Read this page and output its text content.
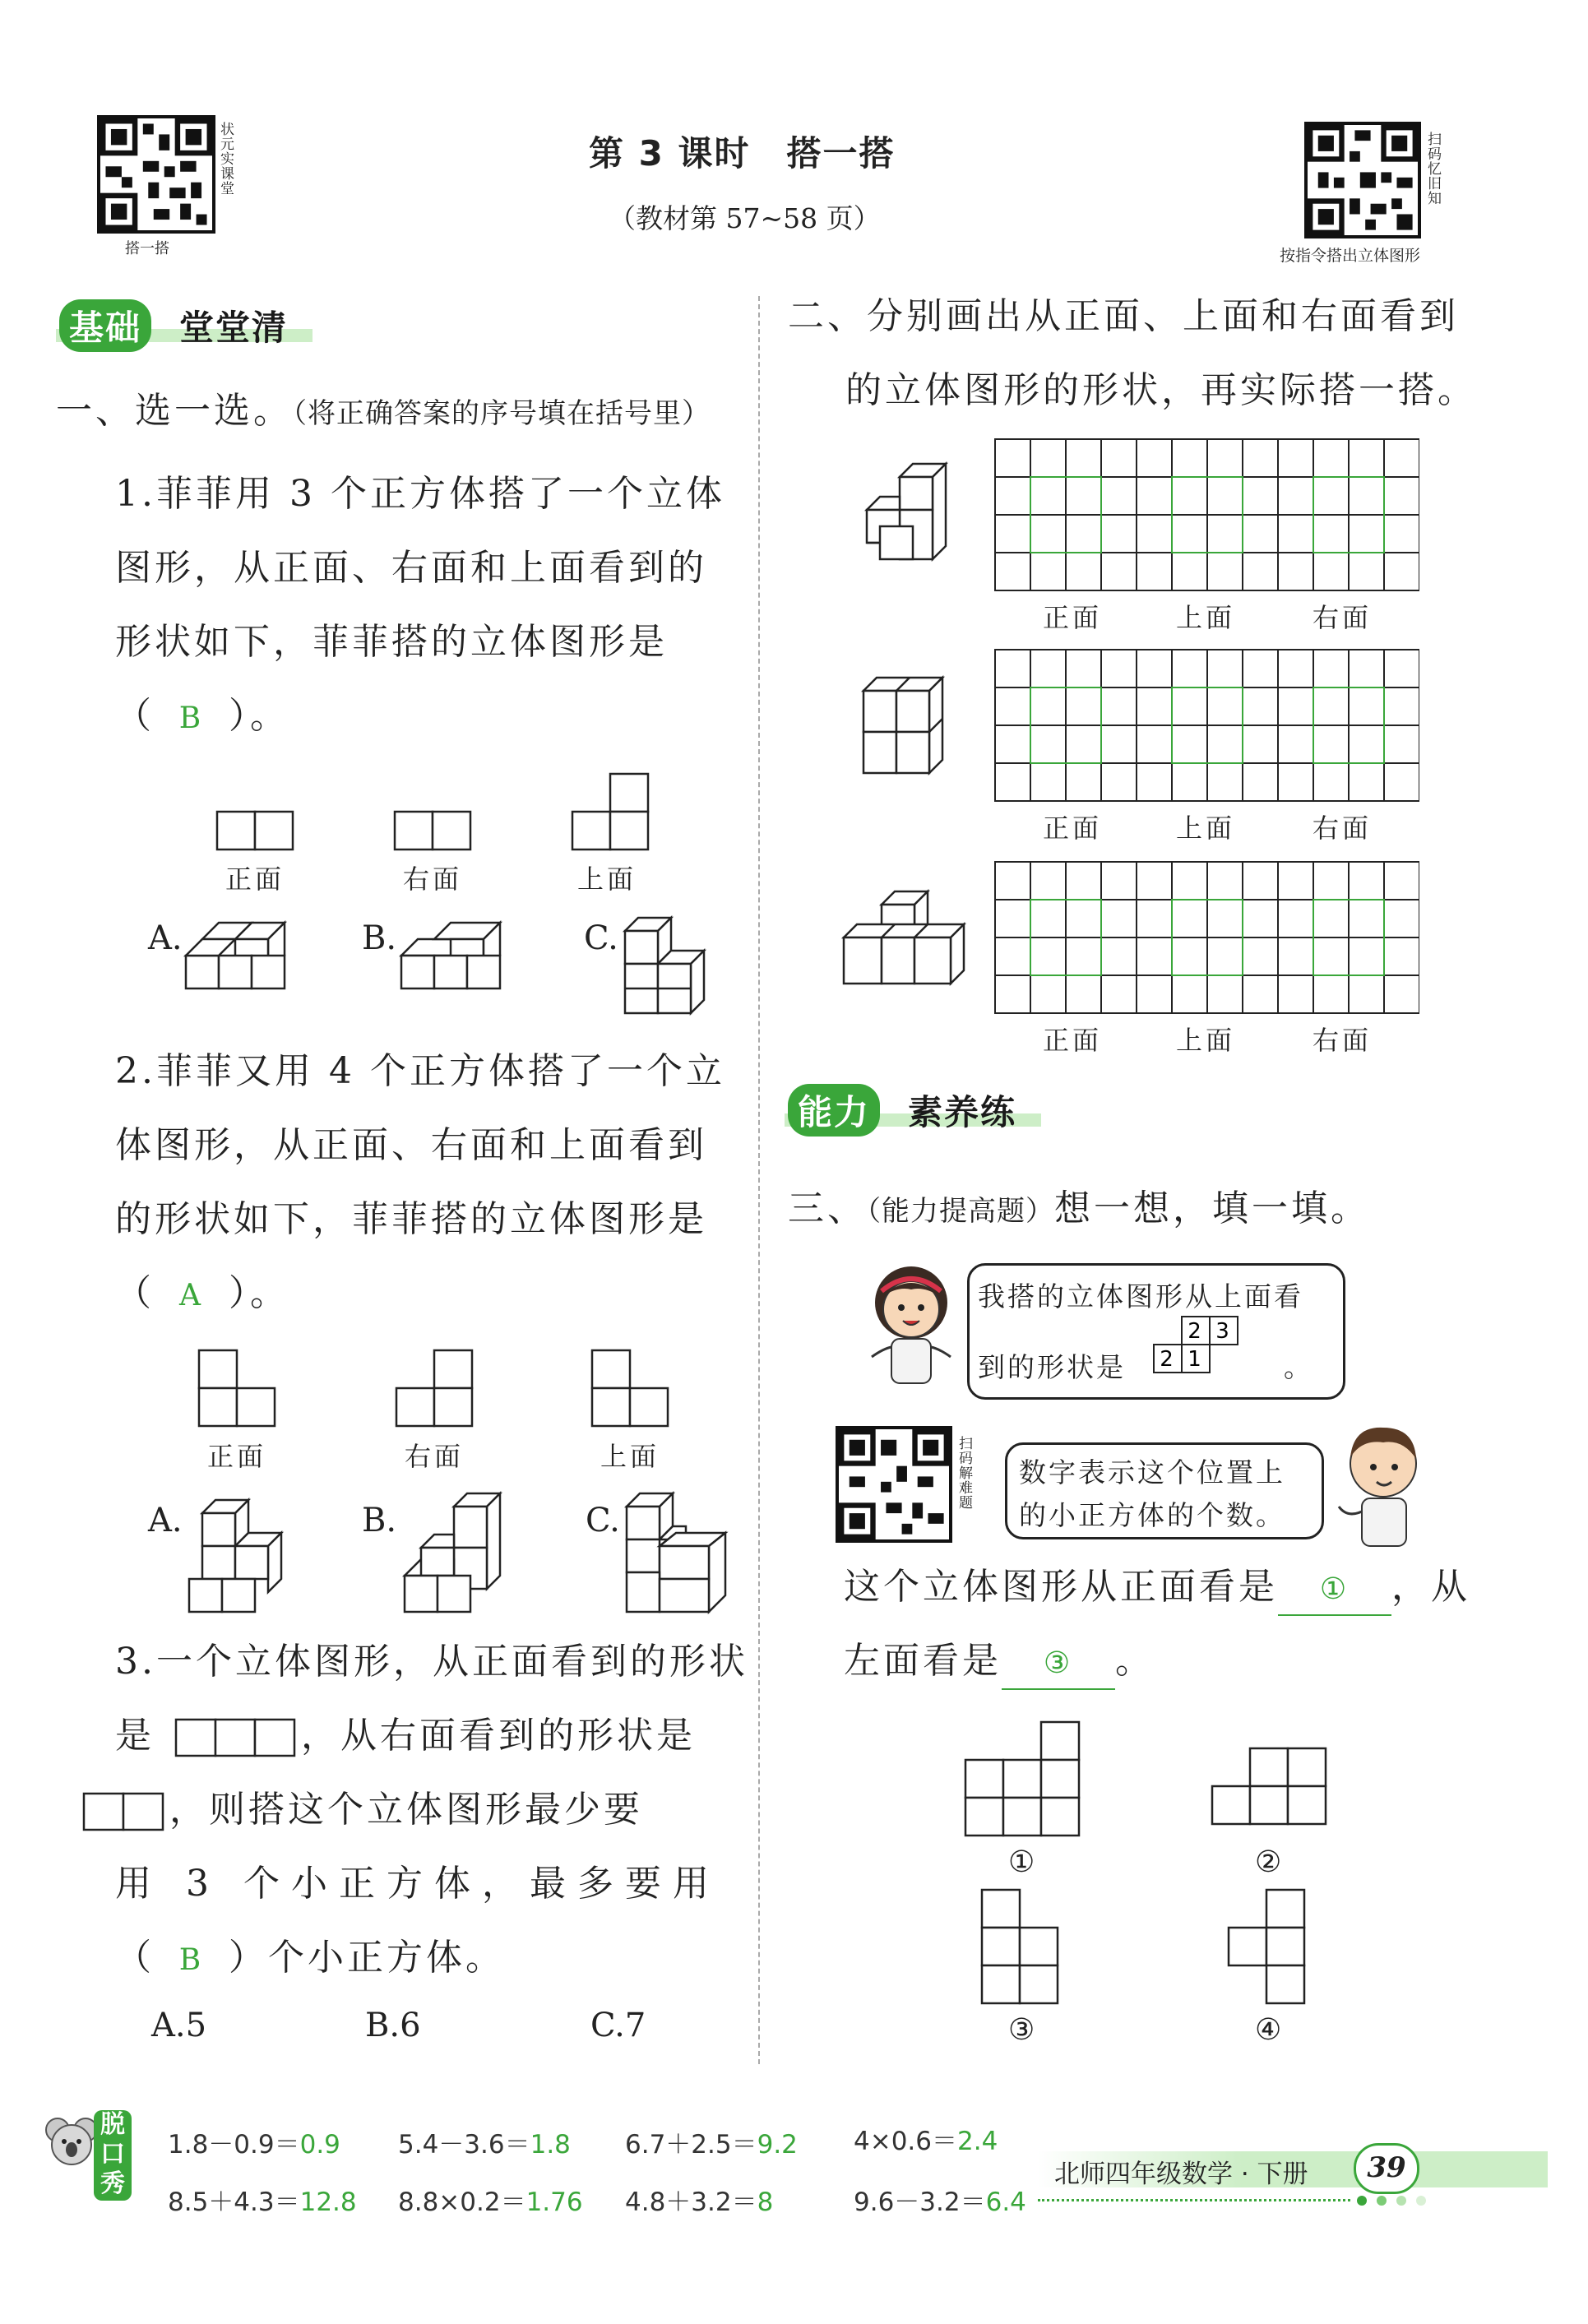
状元实课堂
搭一搭
第 3 课时　搭一搭
（教材第 57~58 页）
扫码忆旧知
按指令搭出立体图形
基础 堂堂清
一、选一选。（将正确答案的序号填在括号里）
1.菲菲用 3 个正方体搭了一个立体
图形，从正面、右面和上面看到的
形状如下，菲菲搭的立体图形是
（ B ）。
正面	右面	上面
A.	B.	C.
2.菲菲又用 4 个正方体搭了一个立
体图形，从正面、右面和上面看到
的形状如下，菲菲搭的立体图形是
（ A ）。
正面	右面	上面
A.	B.	C.
3.一个立体图形，从正面看到的形状
是	，从右面看到的形状是
，则搭这个立体图形最少要
用 3 个小正方体，最多要用
（ B ）个小正方体。
A.5	B.6	C.7
二、分别画出从正面、上面和右面看到
的立体图形的形状，再实际搭一搭。
正面	上面	右面
正面	上面	右面
正面	上面	右面
能力 素养练
三、（能力提高题）想一想，填一填。
我搭的立体图形从上面看
到的形状是
2 3
2 1	。
扫码解难题 数字表示这个位置上
的小正方体的个数。
这个立体图形从正面看是 ① ，从
左面看是 ③ 。
①	②
③	④
脱
口
秀
1.8－0.9＝0.9 5.4－3.6＝1.8 6.7＋2.5＝9.2 4×0.6＝2.4
8.5＋4.3＝12.8 8.8×0.2＝1.76 4.8＋3.2＝8	9.6－3.2＝6.4
北师四年级数学 · 下册	39
